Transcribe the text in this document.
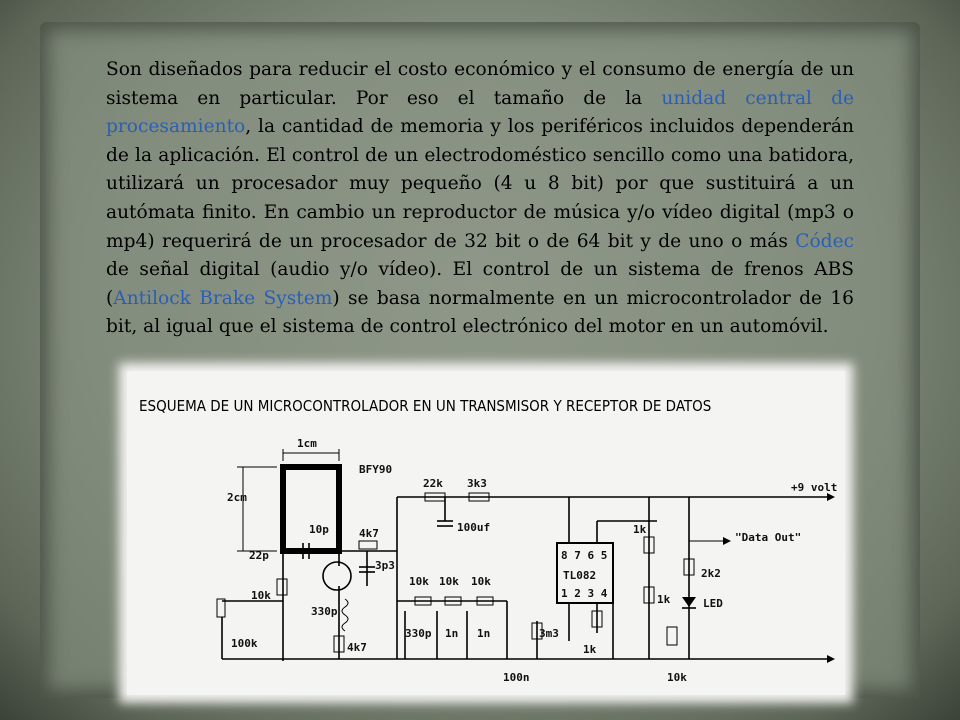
Son diseñados para reducir el costo económico y el consumo de energía de un sistema en particular. Por eso el tamaño de la unidad central de procesamiento, la cantidad de memoria y los periféricos incluidos dependerán de la aplicación. El control de un electrodoméstico sencillo como una batidora, utilizará un procesador muy pequeño (4 u 8 bit) por que sustituirá a un autómata finito. En cambio un reproductor de música y/o vídeo digital (mp3 o mp4) requerirá de un procesador de 32 bit o de 64 bit y de uno o más Códec de señal digital (audio y/o vídeo). El control de un sistema de frenos ABS (Antilock Brake System) se basa normalmente en un microcontrolador de 16 bit, al igual que el sistema de control electrónico del motor en un automóvil.

ESQUEMA DE UN MICROCONTROLADOR EN UN TRANSMISOR Y RECEPTOR DE DATOS
1cm
2cm
BFY90
22p
10p
10k
100k
330p
4k7
3p3
4k7
22k 3k3
100uf
10k 10k 10k
330p 1n 1n	3m3
8 7 6 5
TL082
1 2 3 4
1k
1k
1k
2k2
LED
"Data Out"
+9 volt
100n	10k
